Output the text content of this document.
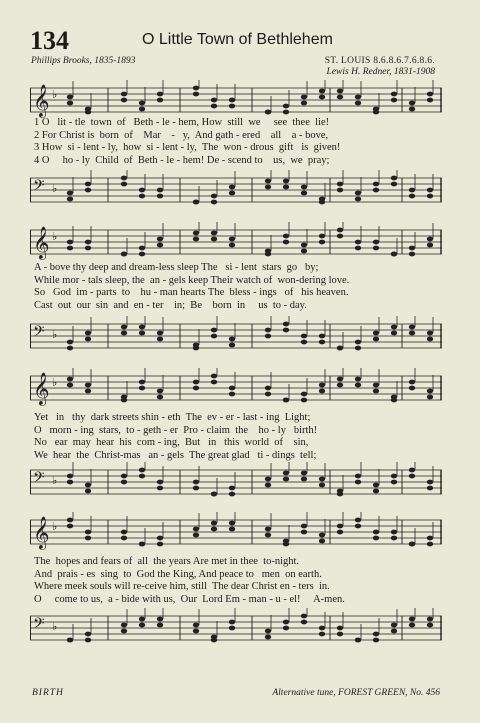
134	O Little Town of Bethlehem
Phillips Brooks, 1835-1893	ST. LOUIS 8.6.8.6.7.6.8.6.
Lewis H. Redner, 1831-1908
𝄞 ♭
1 O   lit - tle  town  of   Beth - le - hem, How  still  we     see  thee  lie!
2 For Christ is  born  of    Mar    -   y,  And gath - ered    all    a - bove,
3 How  si - lent - ly,  how  si - lent - ly,  The  won - drous  gift   is  given!
4 O     ho - ly  Child  of  Beth - le - hem! De - scend to    us,  we  pray;
𝄢 ♭
𝄞 ♭
A - bove thy deep and dream-less sleep The   si - lent  stars  go   by;
While mor - tals sleep, the  an - gels keep Their watch of  won-dering love.
So   God  im - parts  to    hu - man hearts The  bless - ings   of   his heaven.
Cast  out  our  sin  and  en - ter    in;  Be    born  in     us  to - day.
𝄢 ♭
𝄞 ♭
Yet   in   thy  dark streets shin - eth  The  ev - er - last - ing  Light;
O   morn - ing  stars,  to - geth - er  Pro - claim  the    ho - ly   birth!
No   ear  may  hear  his  com - ing,  But   in   this  world  of    sin,
We  hear  the  Christ-mas   an - gels  The great glad   ti - dings  tell;
𝄢 ♭
𝄞 ♭
The  hopes and fears of  all  the years Are met in thee  to-night.
And  prais - es  sing  to  God the King, And peace to   men  on earth.
Where meek souls will re-ceive him, still  The dear Christ en - ters  in.
O     come to us,  a - bide with us,  Our  Lord Em - man - u - el!     A-men.
𝄢 ♭
BIRTH	Alternative tune, FOREST GREEN, No. 456
